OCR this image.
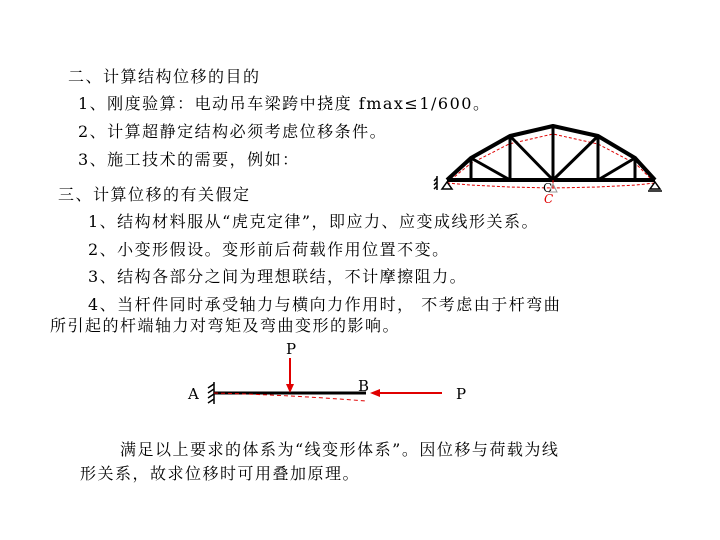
二、计算结构位移的目的
1、刚度验算：电动吊车梁跨中挠度 fmax≤1/600。
2、计算超静定结构必须考虑位移条件。
3、施工技术的需要，例如：
C
C
三、计算位移的有关假定
1、结构材料服从“虎克定律”，即应力、应变成线形关系。
2、小变形假设。变形前后荷载作用位置不变。
3、结构各部分之间为理想联结，不计摩擦阻力。
4、当杆件同时承受轴力与横向力作用时， 不考虑由于杆弯曲
所引起的杆端轴力对弯矩及弯曲变形的影响。
P
A	B	P
满足以上要求的体系为“线变形体系”。因位移与荷载为线
形关系，故求位移时可用叠加原理。
